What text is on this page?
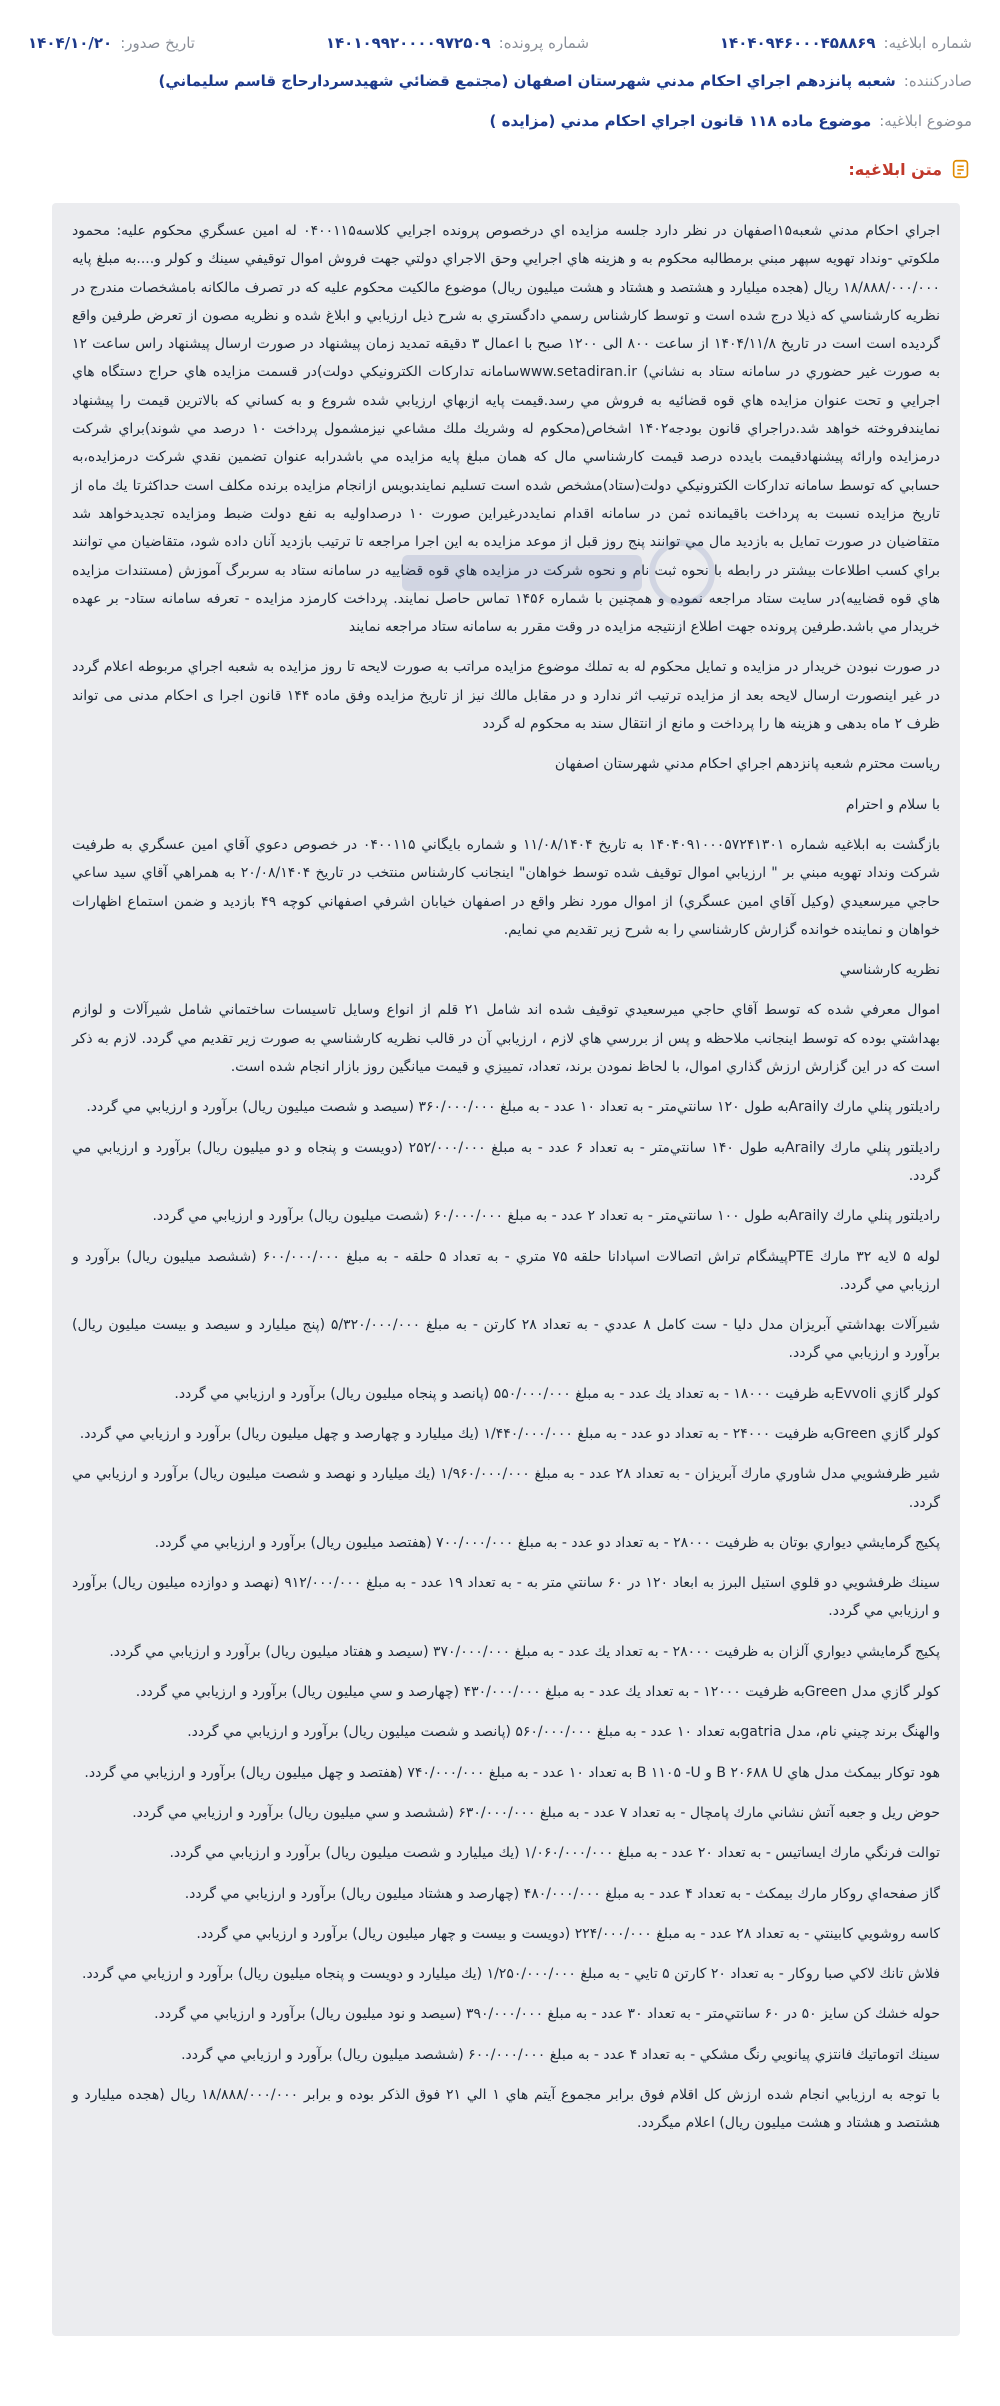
شماره ابلاغیه:
۱۴۰۴۰۹۴۶۰۰۰۴۵۸۸۶۹
شماره پرونده:
۱۴۰۱۰۹۹۲۰۰۰۰۹۷۲۵۰۹
تاریخ صدور:
۱۴۰۴/۱۰/۲۰
صادرکننده:
شعبه پانزدهم اجراي احكام مدني شهرستان اصفهان (مجتمع قضائي شهيدسردارحاج قاسم سليماني)
موضوع ابلاغیه:
موضوع ماده ۱۱۸ قانون اجراي احكام مدني (مزايده )
متن ابلاغیه:

اجراي احكام مدني شعبه۱۵اصفهان در نظر دارد جلسه مزايده اي درخصوص پرونده اجرايي كلاسه۰۴۰۰۱۱۵ له امين عسگري محكوم عليه: محمود ملكوتي -ونداد تهويه سپهر مبني برمطالبه محكوم به و هزينه هاي اجرايي وحق الاجراي دولتي جهت فروش اموال توقيفي سينك و كولر و....به مبلغ پايه ۱۸/۸۸۸/۰۰۰/۰۰۰ ريال (هجده ميليارد و هشتصد و هشتاد و هشت ميليون ريال) موضوع مالكيت محكوم عليه كه در تصرف مالكانه بامشخصات مندرج در نظريه كارشناسي كه ذيلا درج شده است و توسط كارشناس رسمي دادگستري به شرح ذيل ارزيابي و ابلاغ شده و نظريه مصون از تعرض طرفين واقع گرديده است است در تاريخ ۱۴۰۴/۱۱/۸ از ساعت ۸۰۰ الی ۱۲۰۰ صبح با اعمال ۳ دقيقه تمديد زمان پيشنهاد در صورت ارسال پيشنهاد راس ساعت ۱۲ به صورت غير حضوري در سامانه ستاد به نشاني) www.setadiran.irسامانه تداركات الكترونيكي دولت)در قسمت مزايده هاي حراج دستگاه هاي اجرايي و تحت عنوان مزايده هاي قوه قضائيه به فروش مي رسد.قيمت پايه ازبهاي ارزيابي شده شروع و به كساني كه بالاترين قيمت را پيشنهاد نمايندفروخته خواهد شد.دراجراي قانون بودجه۱۴۰۲ اشخاص(محكوم له وشريك ملك مشاعي نيزمشمول پرداخت ۱۰ درصد مي شوند)براي شركت درمزايده وارائه پيشنهادقيمت بايدده درصد قيمت كارشناسي مال كه همان مبلغ پايه مزايده مي باشدرابه عنوان تضمين نقدي شركت درمزايده،به حسابي كه توسط سامانه تداركات الكترونيكي دولت(ستاد)مشخص شده است تسليم نمايندبويس ازانجام مزايده برنده مكلف است حداكثرتا يك ماه از تاريخ مزايده نسبت به پرداخت باقيمانده ثمن در سامانه اقدام نمايددرغيراين صورت ۱۰ درصداوليه به نفع دولت ضبط ومزايده تجديدخواهد شد متقاضيان در صورت تمايل به بازديد مال مي توانند پنج روز قبل از موعد مزايده به اين اجرا مراجعه تا ترتيب بازديد آنان داده شود، متقاضيان مي توانند براي كسب اطلاعات بيشتر در رابطه با نحوه ثبت نام و نحوه شركت در مزايده هاي قوه قضاييه در سامانه ستاد به سربرگ آموزش (مستندات مزايده هاي قوه قضاييه)در سايت ستاد مراجعه نموده و همچنين با شماره ۱۴۵۶ تماس حاصل نمايند. پرداخت كارمزد مزايده - تعرفه سامانه ستاد- بر عهده خريدار مي باشد.طرفين پرونده جهت اطلاع ازنتيجه مزايده در وقت مقرر به سامانه ستاد مراجعه نمايند

در صورت نبودن خريدار در مزايده و تمايل محكوم له به تملك موضوع مزايده مراتب به صورت لايحه تا روز مزايده به شعبه اجراي مربوطه اعلام گردد در غير اينصورت ارسال لايحه بعد از مزايده ترتيب اثر ندارد و در مقابل مالك نيز از تاريخ مزايده وفق ماده ۱۴۴ قانون اجرا ى احكام مدنى مى تواند ظرف ۲ ماه بدهى و هزينه ها را پرداخت و مانع از انتقال سند به محكوم له گردد

رياست محترم شعبه پانزدهم اجراي احكام مدني شهرستان اصفهان

با سلام و احترام

بازگشت به ابلاغيه شماره ۱۴۰۴۰۹۱۰۰۰۵۷۲۴۱۳۰۱ به تاريخ ۱۱/۰۸/۱۴۰۴ و شماره بايگاني ۰۴۰۰۱۱۵ در خصوص دعوي آقاي امين عسگري به طرفيت شركت ونداد تهويه مبني بر " ارزيابي اموال توقيف شده توسط خواهان" اينجانب كارشناس منتخب در تاريخ ۲۰/۰۸/۱۴۰۴ به همراهي آقاي سيد ساعي حاجي ميرسعيدي (وكيل آقاي امين عسگري) از اموال مورد نظر واقع در اصفهان خيابان اشرفي اصفهاني كوچه ۴۹ بازديد و ضمن استماع اظهارات خواهان و نماينده خوانده گزارش كارشناسي را به شرح زير تقديم مي نمايم.

نظريه كارشناسي

اموال معرفي شده كه توسط آقاي حاجي ميرسعيدي توقيف شده اند شامل ۲۱ قلم از انواع وسايل تاسيسات ساختماني شامل شيرآلات و لوازم بهداشتي بوده كه توسط اينجانب ملاحظه و پس از بررسي هاي لازم ، ارزيابي آن در قالب نظريه كارشناسي به صورت زير تقديم مي گردد. لازم به ذكر است كه در اين گزارش ارزش گذاري اموال، با لحاظ نمودن برند، تعداد، تمييزي و قيمت ميانگين روز بازار انجام شده است.

راديلتور پنلي مارك Arailyبه طول ۱۲۰ سانتي‌متر - به تعداد ۱۰ عدد - به مبلغ ۳۶۰/۰۰۰/۰۰۰ (سيصد و شصت ميليون ريال) برآورد و ارزيابي مي گردد.

راديلتور پنلي مارك Arailyبه طول ۱۴۰ سانتي‌متر - به تعداد ۶ عدد - به مبلغ ۲۵۲/۰۰۰/۰۰۰ (دويست و پنجاه و دو ميليون ريال) برآورد و ارزيابي مي گردد.

راديلتور پنلي مارك Arailyبه طول ۱۰۰ سانتي‌متر - به تعداد ۲ عدد - به مبلغ ۶۰/۰۰۰/۰۰۰ (شصت ميليون ريال) برآورد و ارزيابي مي گردد.

لوله ۵ لايه ۳۲ مارك PTEپيشگام تراش اتصالات اسپادانا حلقه ۷۵ متري - به تعداد ۵ حلقه - به مبلغ ۶۰۰/۰۰۰/۰۰۰ (ششصد ميليون ريال) برآورد و ارزيابي مي گردد.

شيرآلات بهداشتي آبريزان مدل دليا - ست كامل ۸ عددي - به تعداد ۲۸ كارتن - به مبلغ ۵/۳۲۰/۰۰۰/۰۰۰ (پنج ميليارد و سيصد و بيست ميليون ريال) برآورد و ارزيابي مي گردد.

كولر گازي Evvoliبه ظرفيت ۱۸۰۰۰ - به تعداد يك عدد - به مبلغ ۵۵۰/۰۰۰/۰۰۰ (پانصد و پنجاه ميليون ريال) برآورد و ارزيابي مي گردد.

كولر گازي Greenبه ظرفيت ۲۴۰۰۰ - به تعداد دو عدد - به مبلغ ۱/۴۴۰/۰۰۰/۰۰۰ (يك ميليارد و چهارصد و چهل ميليون ريال) برآورد و ارزيابي مي گردد.

شير ظرفشويي مدل شاوري مارك آبريزان - به تعداد ۲۸ عدد - به مبلغ ۱/۹۶۰/۰۰۰/۰۰۰ (يك ميليارد و نهصد و شصت ميليون ريال) برآورد و ارزيابي مي گردد.

پكيج گرمايشي ديواري بوتان به ظرفيت ۲۸۰۰۰ - به تعداد دو عدد - به مبلغ ۷۰۰/۰۰۰/۰۰۰ (هفتصد ميليون ريال) برآورد و ارزيابي مي گردد.

سينك ظرفشويي دو قلوي استيل البرز به ابعاد ۱۲۰ در ۶۰ سانتي متر به - به تعداد ۱۹ عدد - به مبلغ ۹۱۲/۰۰۰/۰۰۰ (نهصد و دوازده ميليون ريال) برآورد و ارزيابي مي گردد.

پكيج گرمايشي ديواري آلزان به ظرفيت ۲۸۰۰۰ - به تعداد يك عدد - به مبلغ ۳۷۰/۰۰۰/۰۰۰ (سيصد و هفتاد ميليون ريال) برآورد و ارزيابي مي گردد.

كولر گازي مدل Greenبه ظرفيت ۱۲۰۰۰ - به تعداد يك عدد - به مبلغ ۴۳۰/۰۰۰/۰۰۰ (چهارصد و سي ميليون ريال) برآورد و ارزيابي مي گردد.

والهنگ برند چيني نام، مدل gatriaبه تعداد ۱۰ عدد - به مبلغ ۵۶۰/۰۰۰/۰۰۰ (پانصد و شصت ميليون ريال) برآورد و ارزيابي مي گردد.

هود توكار بيمكث مدل هاي B ۲۰۶۸۸ U و B ۱۱۰۵ -U به تعداد ۱۰ عدد - به مبلغ ۷۴۰/۰۰۰/۰۰۰ (هفتصد و چهل ميليون ريال) برآورد و ارزيابي مي گردد.

حوض ريل و جعبه آتش نشاني مارك پامچال - به تعداد ۷ عدد - به مبلغ ۶۳۰/۰۰۰/۰۰۰ (ششصد و سي ميليون ريال) برآورد و ارزيابي مي گردد.

توالت فرنگي مارك ايساتيس - به تعداد ۲۰ عدد - به مبلغ ۱/۰۶۰/۰۰۰/۰۰۰ (يك ميليارد و شصت ميليون ريال) برآورد و ارزيابي مي گردد.

گاز صفحه‌اي روكار مارك بيمكث - به تعداد ۴ عدد - به مبلغ ۴۸۰/۰۰۰/۰۰۰ (چهارصد و هشتاد ميليون ريال) برآورد و ارزيابي مي گردد.

كاسه روشويي كابينتي - به تعداد ۲۸ عدد - به مبلغ ۲۲۴/۰۰۰/۰۰۰ (دويست و بيست و چهار ميليون ريال) برآورد و ارزيابي مي گردد.

فلاش تانك لاكي صبا روكار - به تعداد ۲۰ كارتن ۵ تايي - به مبلغ ۱/۲۵۰/۰۰۰/۰۰۰ (يك ميليارد و دويست و پنجاه ميليون ريال) برآورد و ارزيابي مي گردد.

حوله خشك كن سايز ۵۰ در ۶۰ سانتي‌متر - به تعداد ۳۰ عدد - به مبلغ ۳۹۰/۰۰۰/۰۰۰ (سيصد و نود ميليون ريال) برآورد و ارزيابي مي گردد.

سينك اتوماتيك فانتزي پيانويي رنگ مشكي - به تعداد ۴ عدد - به مبلغ ۶۰۰/۰۰۰/۰۰۰ (ششصد ميليون ريال) برآورد و ارزيابي مي گردد.

با توجه به ارزيابي انجام شده ارزش كل اقلام فوق برابر مجموع آيتم هاي ۱ الي ۲۱ فوق الذكر بوده و برابر ۱۸/۸۸۸/۰۰۰/۰۰۰ ريال (هجده ميليارد و هشتصد و هشتاد و هشت ميليون ريال) اعلام ميگردد.
